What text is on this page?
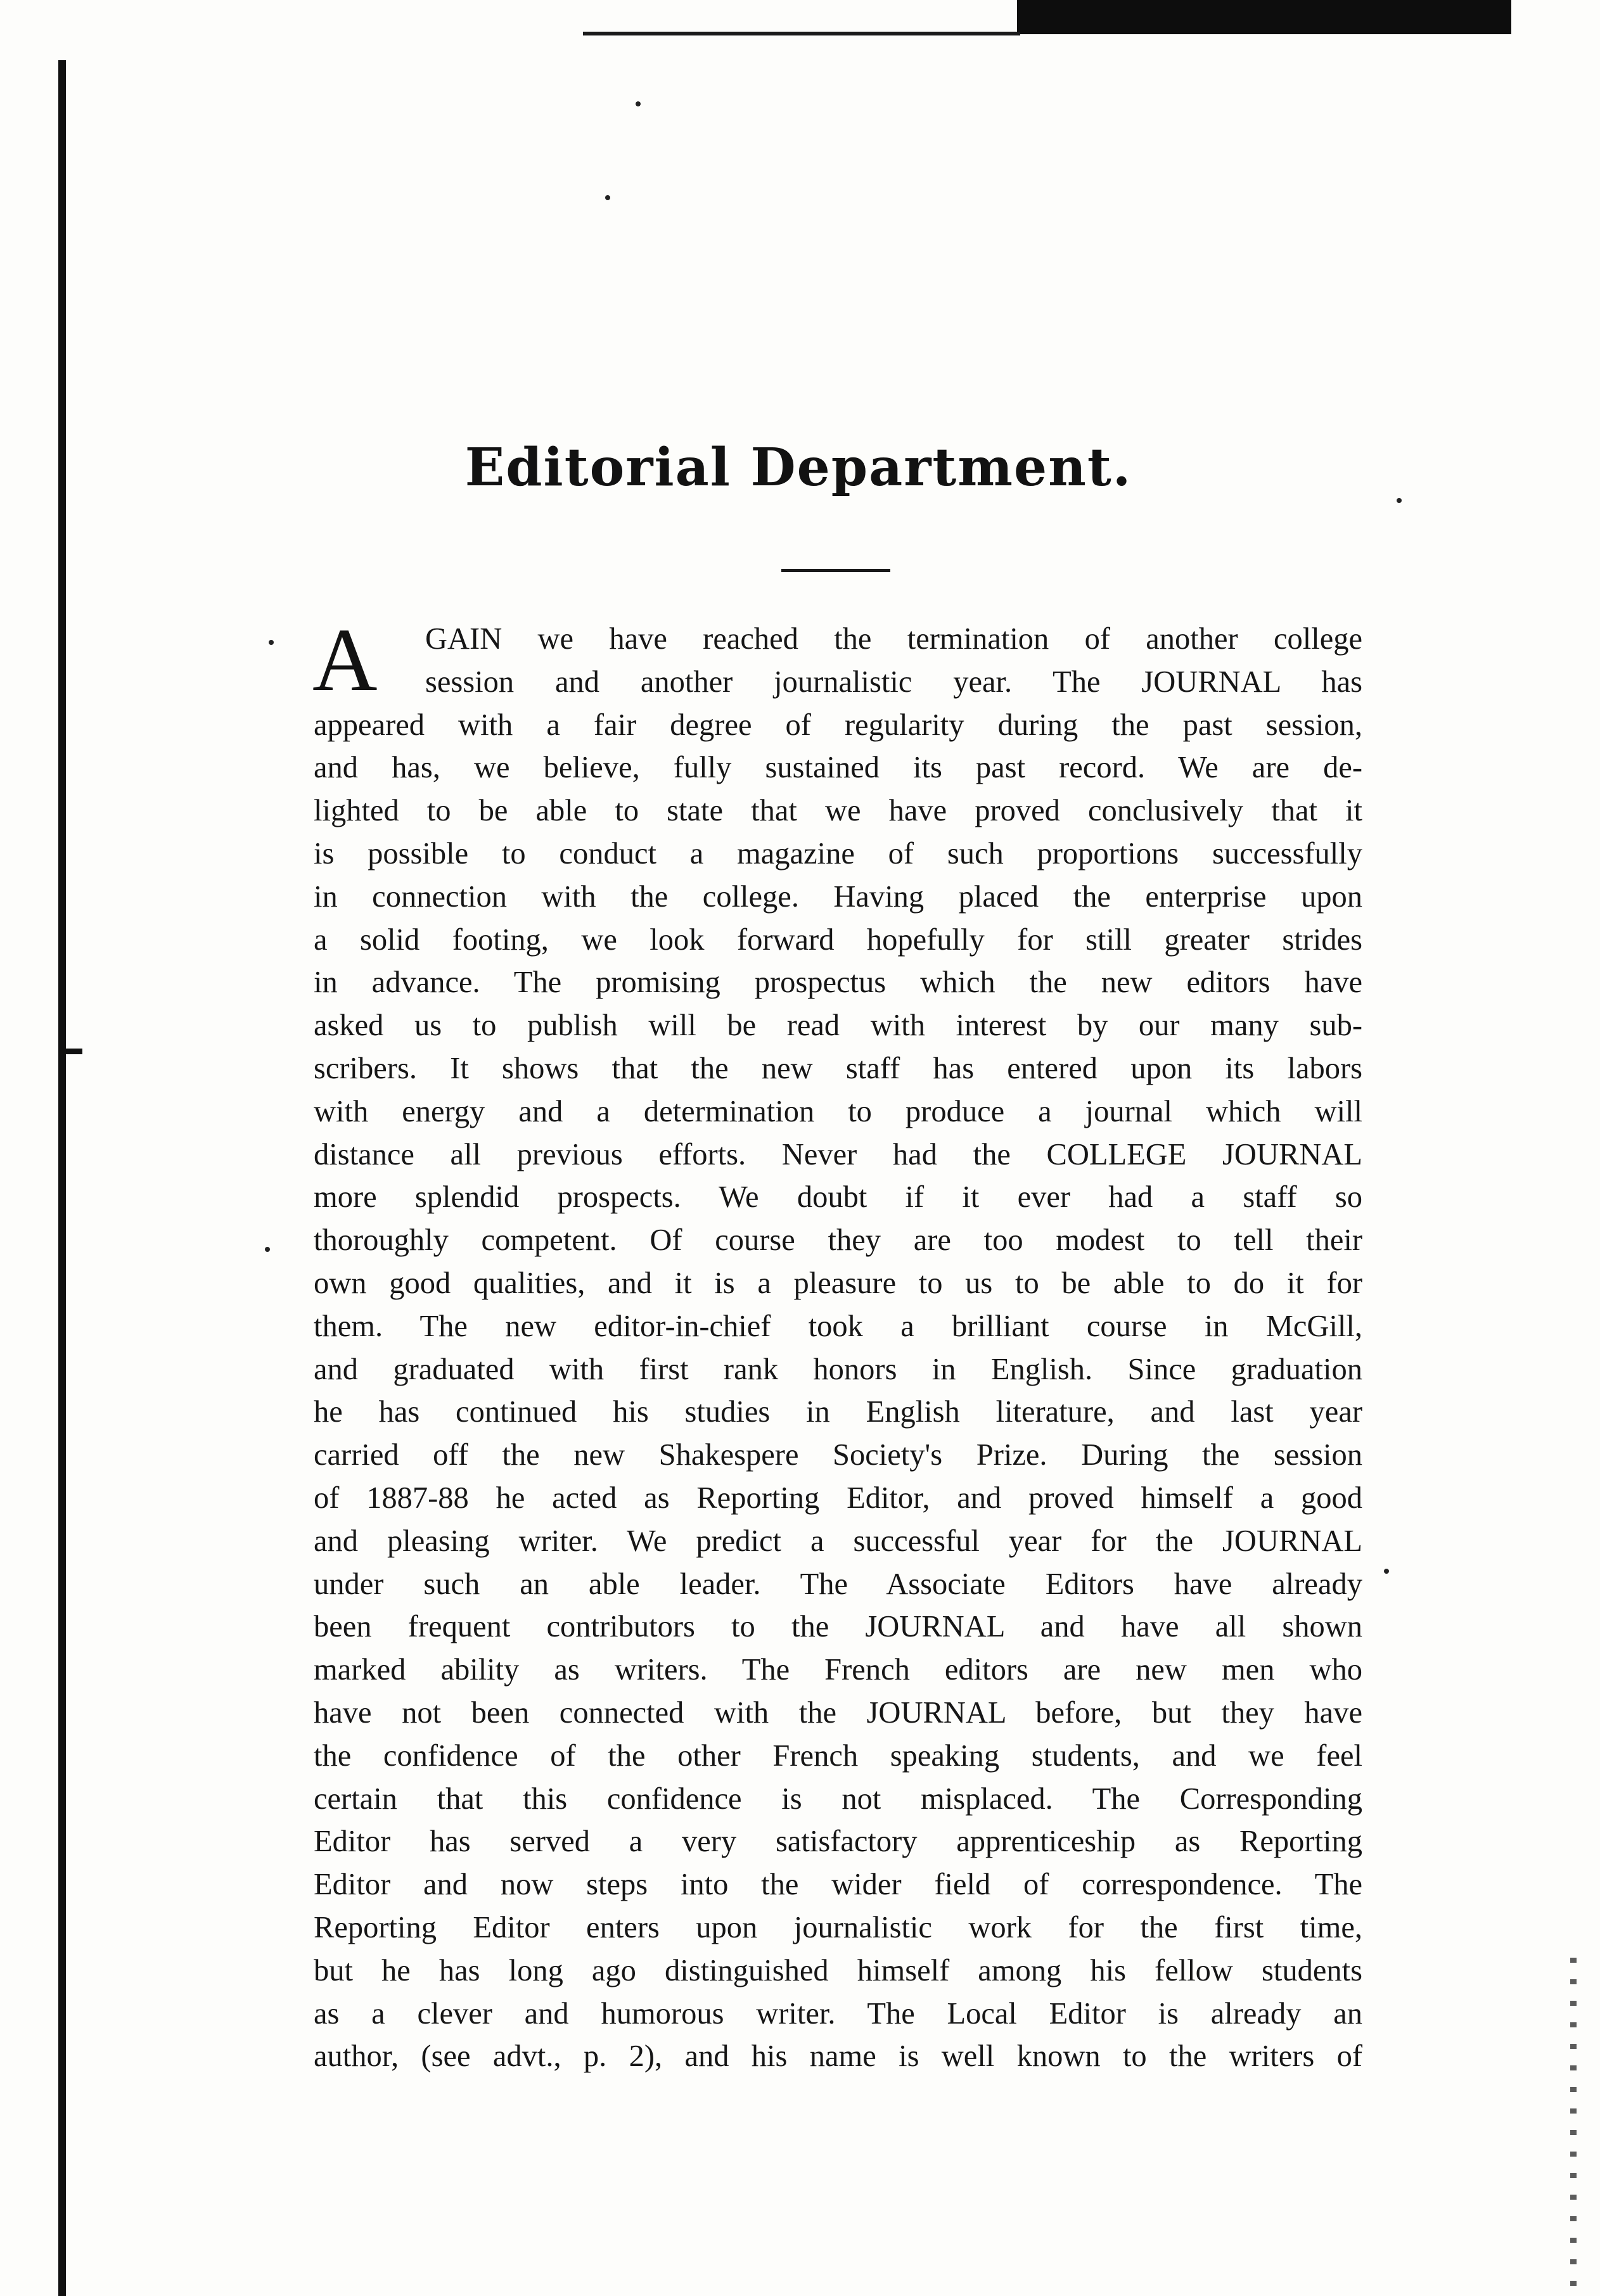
Editorial Department.
A	GAIN we have reached the termination of another college
session and another journalistic year. The JOURNAL has
appeared with a fair degree of regularity during the past session,
and has, we believe, fully sustained its past record. We are de-
lighted to be able to state that we have proved conclusively that it
is possible to conduct a magazine of such proportions successfully
in connection with the college. Having placed the enterprise upon
a solid footing, we look forward hopefully for still greater strides
in advance. The promising prospectus which the new editors have
asked us to publish will be read with interest by our many sub-
scribers. It shows that the new staff has entered upon its labors
with energy and a determination to produce a journal which will
distance all previous efforts. Never had the COLLEGE JOURNAL
more splendid prospects. We doubt if it ever had a staff so
thoroughly competent. Of course they are too modest to tell their
own good qualities, and it is a pleasure to us to be able to do it for
them. The new editor-in-chief took a brilliant course in McGill,
and graduated with first rank honors in English. Since graduation
he has continued his studies in English literature, and last year
carried off the new Shakespere Society's Prize. During the session
of 1887-88 he acted as Reporting Editor, and proved himself a good
and pleasing writer. We predict a successful year for the JOURNAL
under such an able leader. The Associate Editors have already
been frequent contributors to the JOURNAL and have all shown
marked ability as writers. The French editors are new men who
have not been connected with the JOURNAL before, but they have
the confidence of the other French speaking students, and we feel
certain that this confidence is not misplaced. The Corresponding
Editor has served a very satisfactory apprenticeship as Reporting
Editor and now steps into the wider field of correspondence. The
Reporting Editor enters upon journalistic work for the first time,
but he has long ago distinguished himself among his fellow students
as a clever and humorous writer. The Local Editor is already an
author, (see advt., p. 2), and his name is well known to the writers of
